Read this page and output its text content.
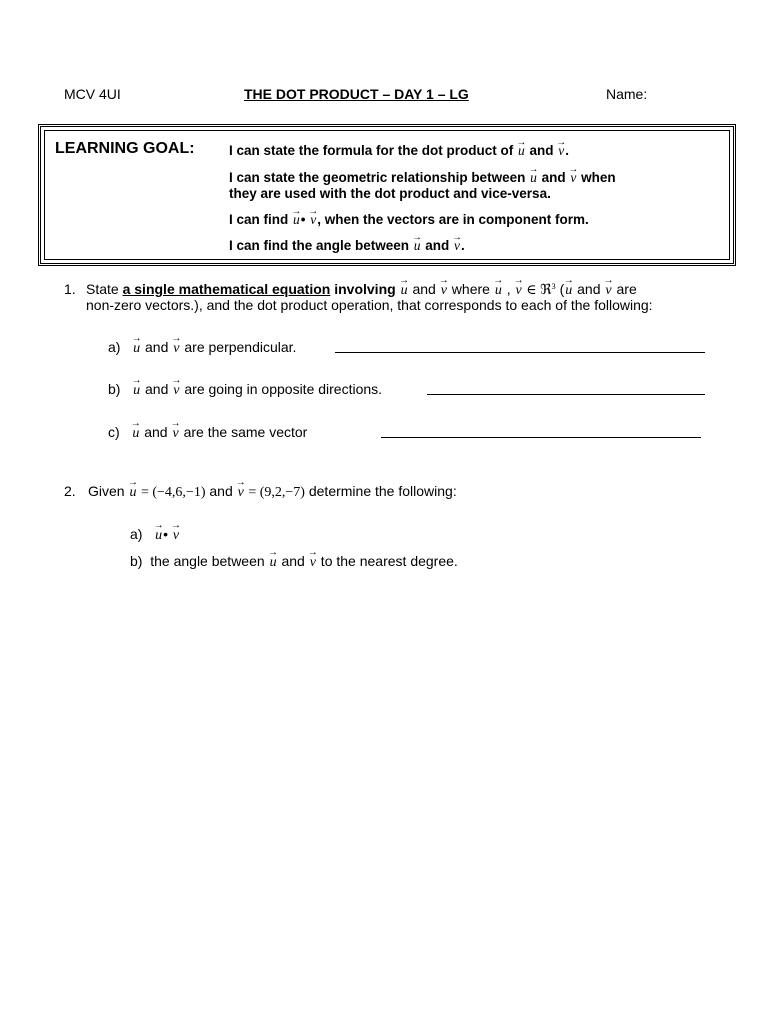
MCV 4UI	THE DOT PRODUCT – DAY 1 – LG	Name:
LEARNING GOAL:	I can state the formula for the dot product of → u and → v.
I can state the geometric relationship between → u and → v when
they are used with the dot product and vice-versa.
I can find → u• → v, when the vectors are in component form.
I can find the angle between → u and → v.
1. State a single mathematical equation involving → u and → v where → u , → v ∈ ℜ$^3$ (→ u and → v are
non-zero vectors.), and the dot product operation, that corresponds to each of the following:
a) → u and → v are perpendicular.
b) → u and → v are going in opposite directions.
c) → u and → v are the same vector
2. Given → u = (−4,6,−1) and → v = (9,2,−7) determine the following:
a) → u• → v
b) the angle between → u and → v to the nearest degree.
